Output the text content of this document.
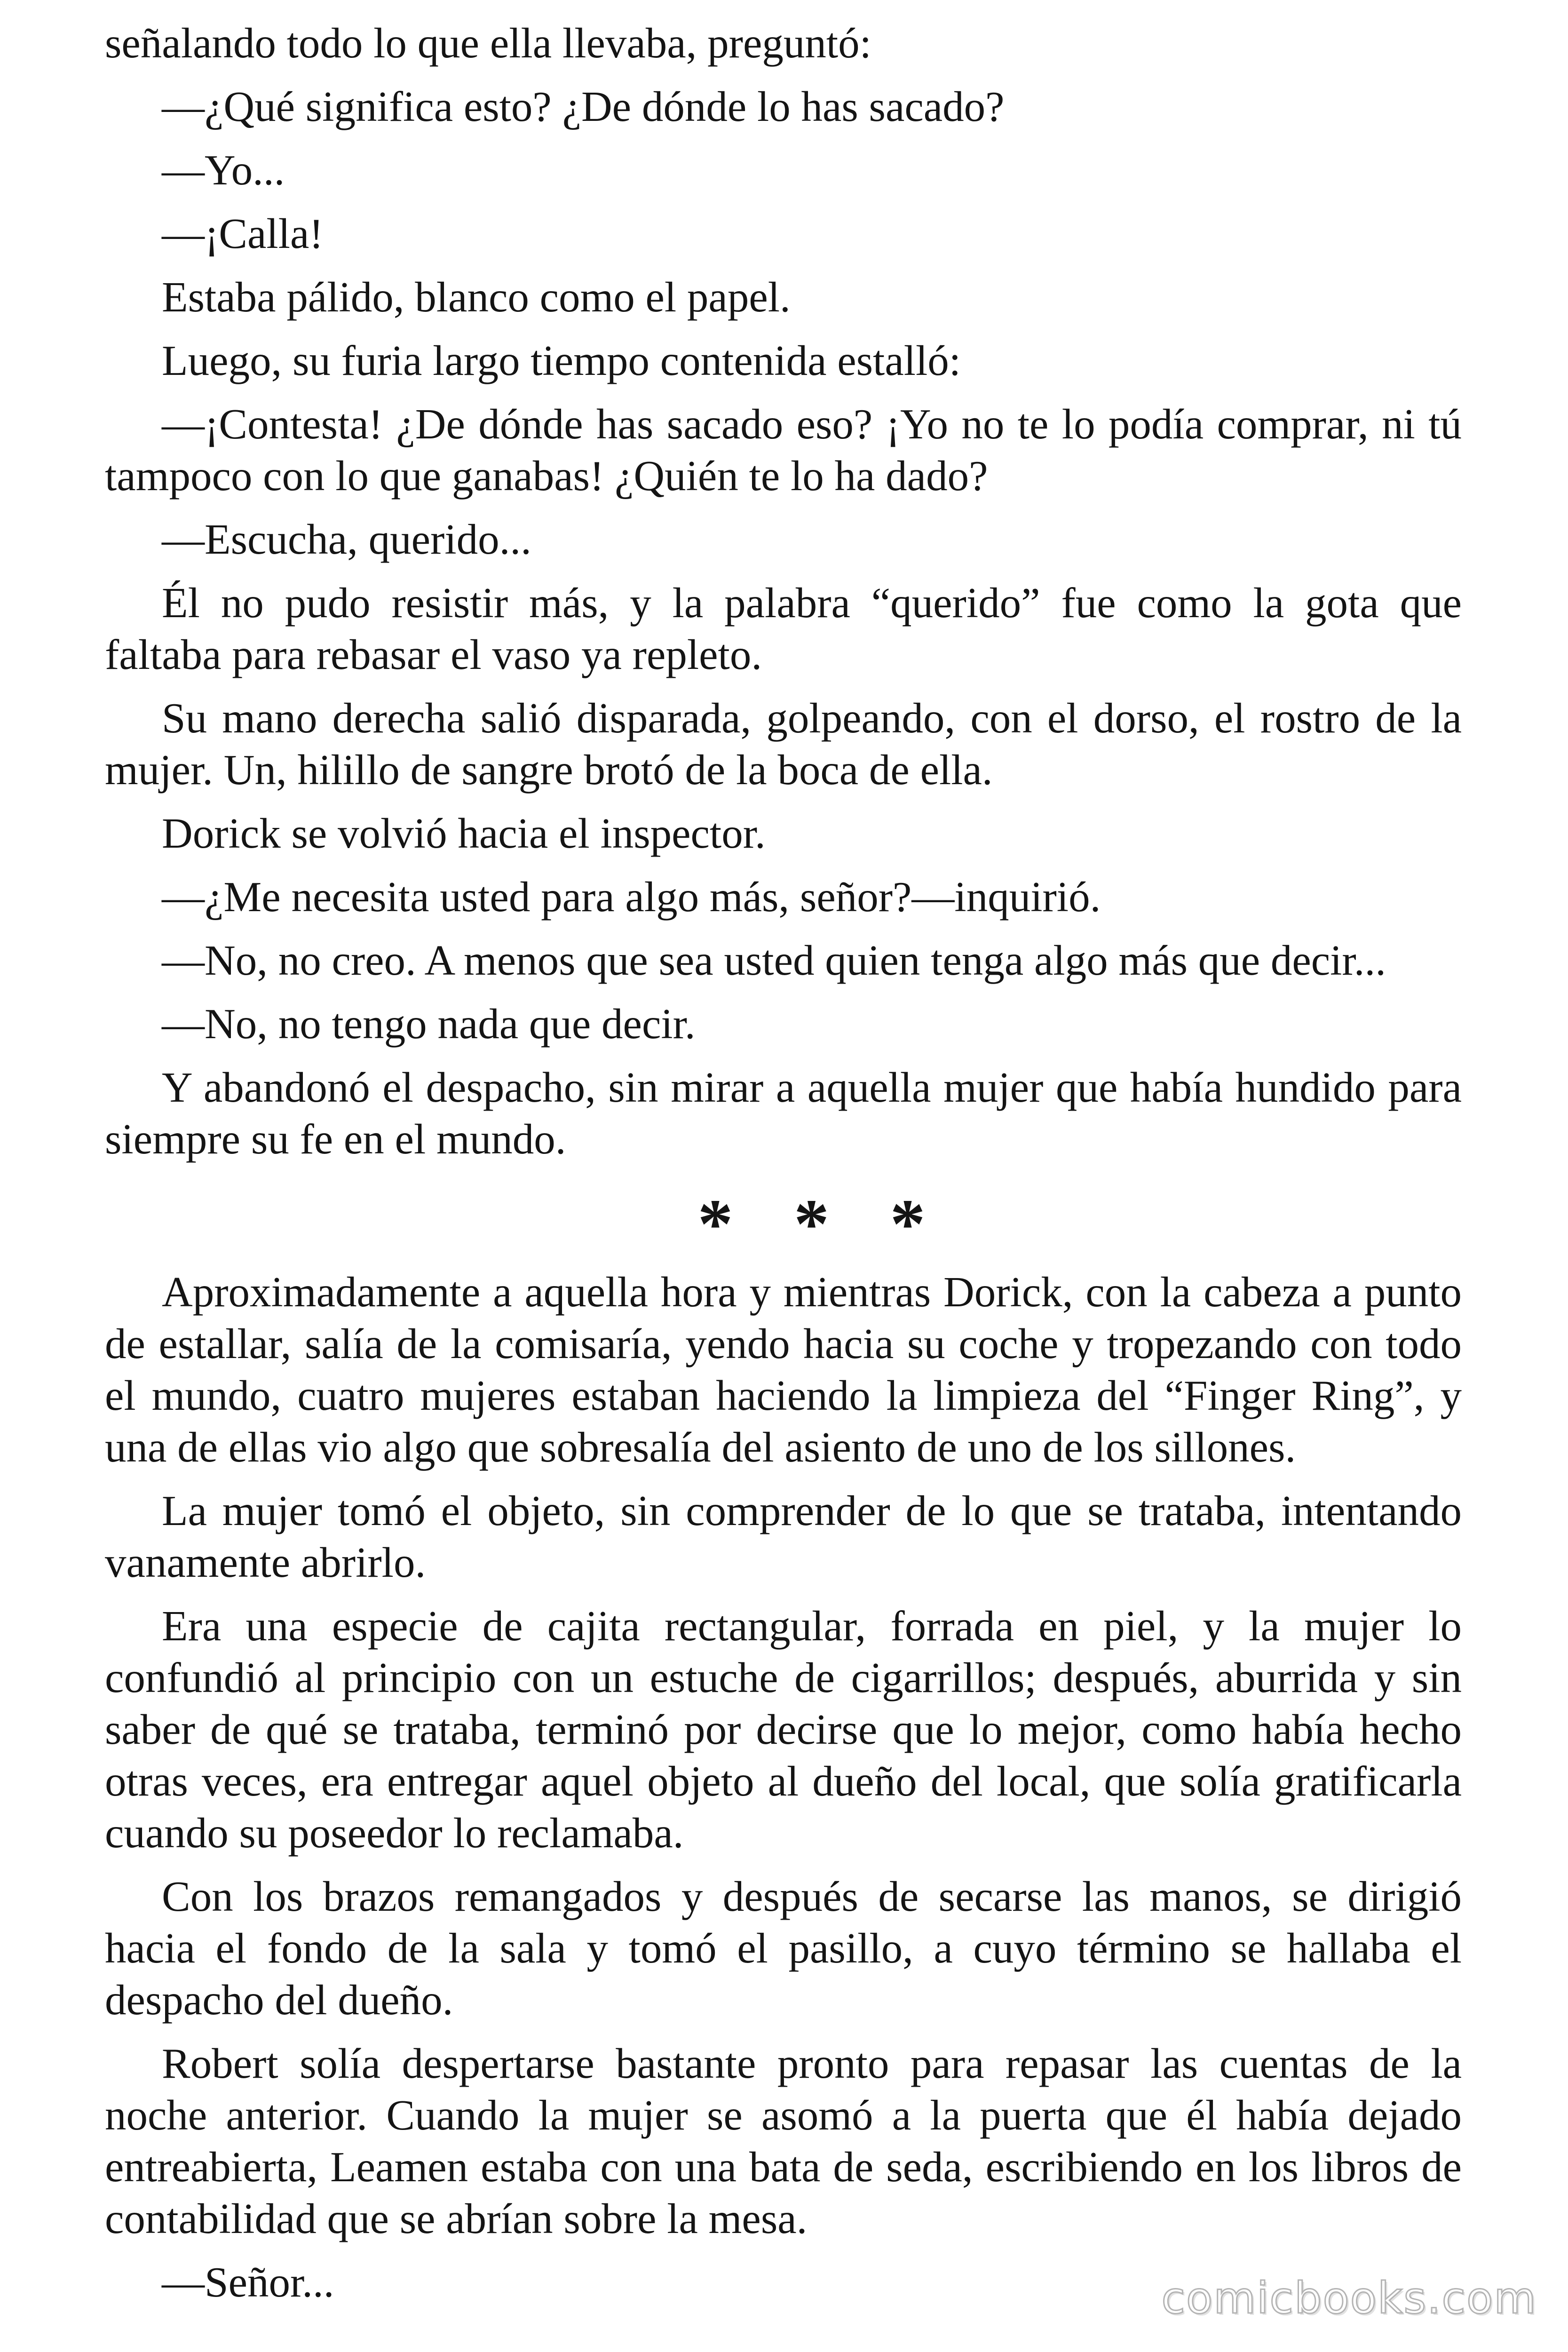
señalando todo lo que ella llevaba, preguntó:
—¿Qué significa esto? ¿De dónde lo has sacado?
—Yo...
—¡Calla!
Estaba pálido, blanco como el papel.
Luego, su furia largo tiempo contenida estalló:
—¡Contesta! ¿De dónde has sacado eso? ¡Yo no te lo podía comprar, ni tú
tampoco con lo que ganabas! ¿Quién te lo ha dado?
—Escucha, querido...
Él no pudo resistir más, y la palabra “querido” fue como la gota que
faltaba para rebasar el vaso ya repleto.
Su mano derecha salió disparada, golpeando, con el dorso, el rostro de la
mujer. Un, hilillo de sangre brotó de la boca de ella.
Dorick se volvió hacia el inspector.
—¿Me necesita usted para algo más, señor?—inquirió.
—No, no creo. A menos que sea usted quien tenga algo más que decir...
—No, no tengo nada que decir.
Y abandonó el despacho, sin mirar a aquella mujer que había hundido para
siempre su fe en el mundo.
* * *
Aproximadamente a aquella hora y mientras Dorick, con la cabeza a punto
de estallar, salía de la comisaría, yendo hacia su coche y tropezando con todo
el mundo, cuatro mujeres estaban haciendo la limpieza del “Finger Ring”, y
una de ellas vio algo que sobresalía del asiento de uno de los sillones.
La mujer tomó el objeto, sin comprender de lo que se trataba, intentando
vanamente abrirlo.
Era una especie de cajita rectangular, forrada en piel, y la mujer lo
confundió al principio con un estuche de cigarrillos; después, aburrida y sin
saber de qué se trataba, terminó por decirse que lo mejor, como había hecho
otras veces, era entregar aquel objeto al dueño del local, que solía gratificarla
cuando su poseedor lo reclamaba.
Con los brazos remangados y después de secarse las manos, se dirigió
hacia el fondo de la sala y tomó el pasillo, a cuyo término se hallaba el
despacho del dueño.
Robert solía despertarse bastante pronto para repasar las cuentas de la
noche anterior. Cuando la mujer se asomó a la puerta que él había dejado
entreabierta, Leamen estaba con una bata de seda, escribiendo en los libros de
contabilidad que se abrían sobre la mesa.
—Señor...	comicbooks.com
